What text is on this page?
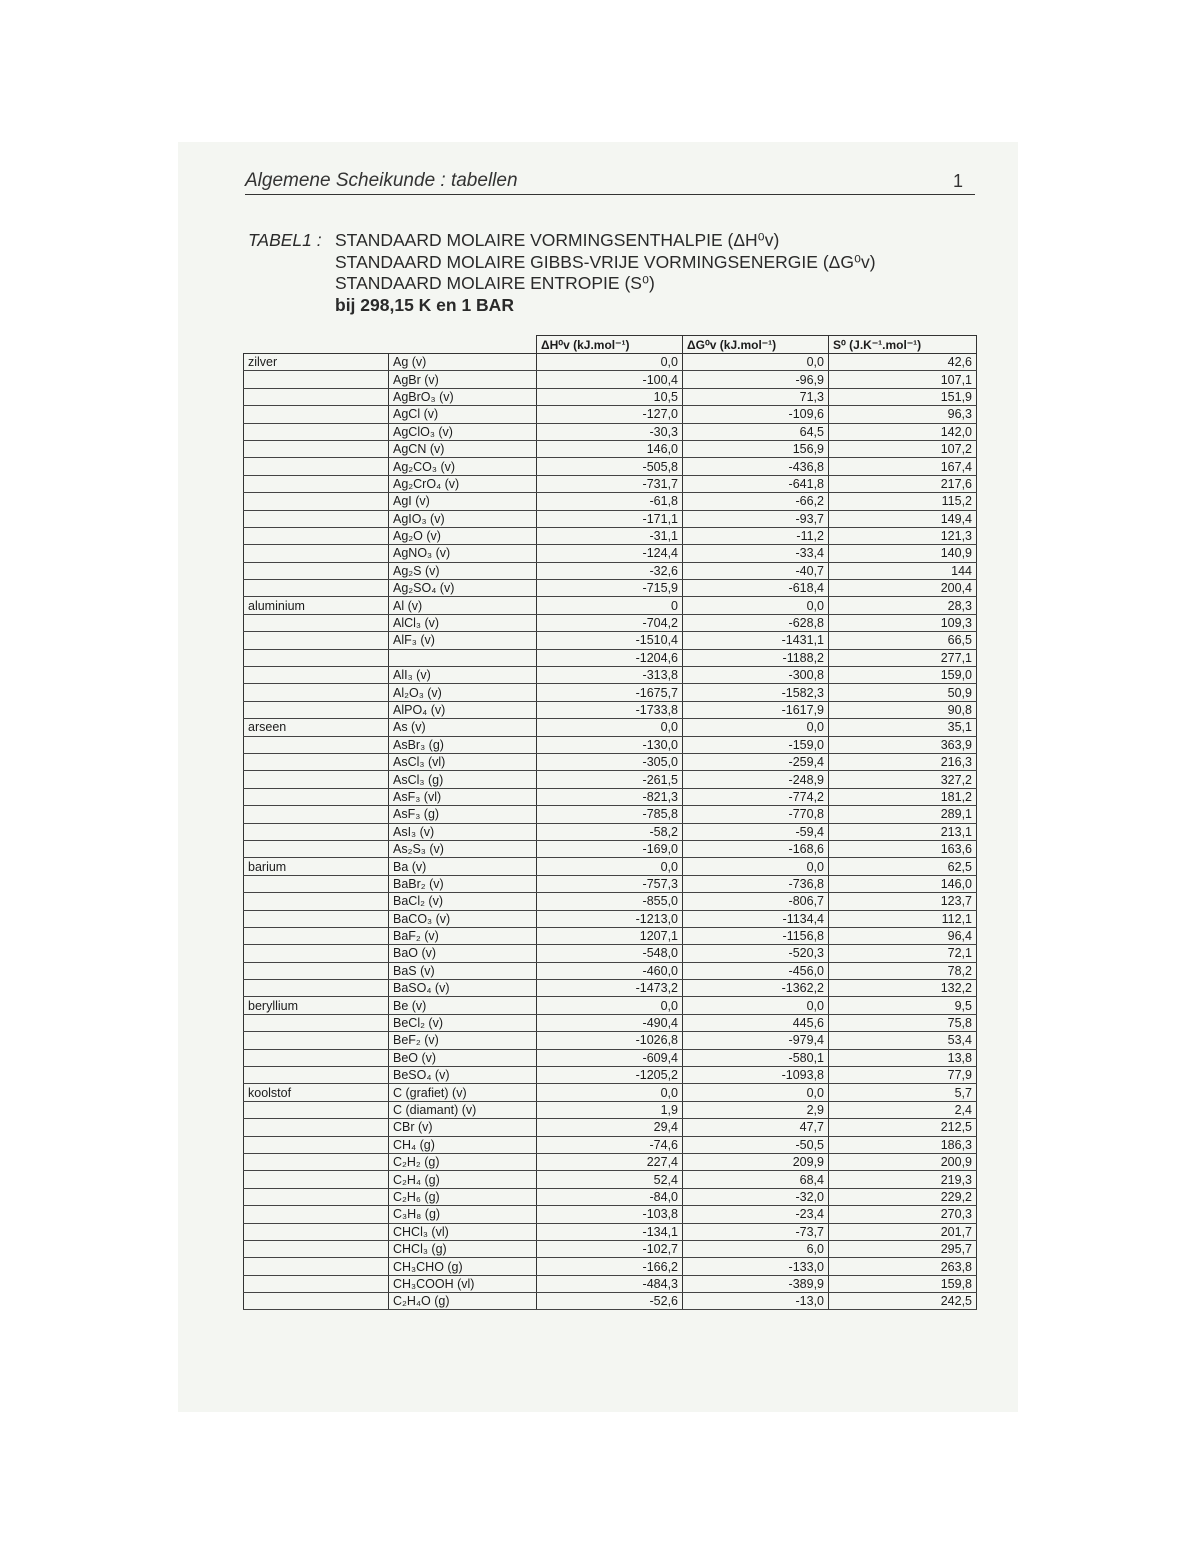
Algemene Scheikunde : tabellen	1
TABEL1 : STANDAARD MOLAIRE VORMINGSENTHALPIE (ΔH⁰v)
STANDAARD MOLAIRE GIBBS-VRIJE VORMINGSENERGIE (ΔG⁰v)
STANDAARD MOLAIRE ENTROPIE (S⁰)
bij 298,15 K en 1 BAR
		ΔH⁰v (kJ.mol⁻¹)	ΔG⁰v (kJ.mol⁻¹)	S⁰ (J.K⁻¹.mol⁻¹)
zilver	Ag (v)	0,0	0,0	42,6
	AgBr (v)	-100,4	-96,9	107,1
	AgBrO₃ (v)	10,5	71,3	151,9
	AgCl (v)	-127,0	-109,6	96,3
	AgClO₃ (v)	-30,3	64,5	142,0
	AgCN (v)	146,0	156,9	107,2
	Ag₂CO₃ (v)	-505,8	-436,8	167,4
	Ag₂CrO₄ (v)	-731,7	-641,8	217,6
	AgI (v)	-61,8	-66,2	115,2
	AgIO₃ (v)	-171,1	-93,7	149,4
	Ag₂O (v)	-31,1	-11,2	121,3
	AgNO₃ (v)	-124,4	-33,4	140,9
	Ag₂S (v)	-32,6	-40,7	144
	Ag₂SO₄ (v)	-715,9	-618,4	200,4
aluminium	Al (v)	0	0,0	28,3
	AlCl₃ (v)	-704,2	-628,8	109,3
	AlF₃ (v)	-1510,4	-1431,1	66,5
		-1204,6	-1188,2	277,1
	AlI₃ (v)	-313,8	-300,8	159,0
	Al₂O₃ (v)	-1675,7	-1582,3	50,9
	AlPO₄ (v)	-1733,8	-1617,9	90,8
arseen	As (v)	0,0	0,0	35,1
	AsBr₃ (g)	-130,0	-159,0	363,9
	AsCl₃ (vl)	-305,0	-259,4	216,3
	AsCl₃ (g)	-261,5	-248,9	327,2
	AsF₃ (vl)	-821,3	-774,2	181,2
	AsF₃ (g)	-785,8	-770,8	289,1
	AsI₃ (v)	-58,2	-59,4	213,1
	As₂S₃ (v)	-169,0	-168,6	163,6
barium	Ba (v)	0,0	0,0	62,5
	BaBr₂ (v)	-757,3	-736,8	146,0
	BaCl₂ (v)	-855,0	-806,7	123,7
	BaCO₃ (v)	-1213,0	-1134,4	112,1
	BaF₂ (v)	1207,1	-1156,8	96,4
	BaO (v)	-548,0	-520,3	72,1
	BaS (v)	-460,0	-456,0	78,2
	BaSO₄ (v)	-1473,2	-1362,2	132,2
beryllium	Be (v)	0,0	0,0	9,5
	BeCl₂ (v)	-490,4	445,6	75,8
	BeF₂ (v)	-1026,8	-979,4	53,4
	BeO (v)	-609,4	-580,1	13,8
	BeSO₄ (v)	-1205,2	-1093,8	77,9
koolstof	C (grafiet) (v)	0,0	0,0	5,7
	C (diamant) (v)	1,9	2,9	2,4
	CBr (v)	29,4	47,7	212,5
	CH₄ (g)	-74,6	-50,5	186,3
	C₂H₂ (g)	227,4	209,9	200,9
	C₂H₄ (g)	52,4	68,4	219,3
	C₂H₆ (g)	-84,0	-32,0	229,2
	C₃H₈ (g)	-103,8	-23,4	270,3
	CHCl₃ (vl)	-134,1	-73,7	201,7
	CHCl₃ (g)	-102,7	6,0	295,7
	CH₃CHO (g)	-166,2	-133,0	263,8
	CH₃COOH (vl)	-484,3	-389,9	159,8
	C₂H₄O (g)	-52,6	-13,0	242,5
